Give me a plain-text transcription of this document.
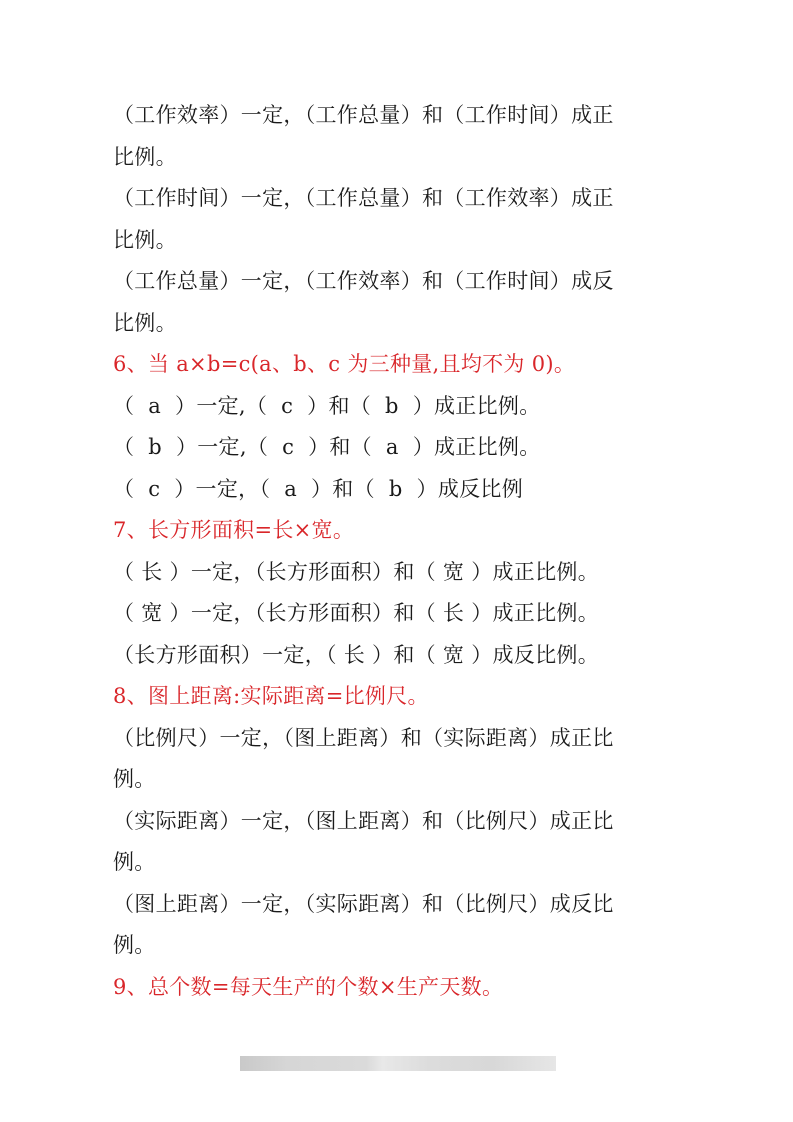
（工作效率）一定，（工作总量）和（工作时间）成正
比例。
（工作时间）一定，（工作总量）和（工作效率）成正
比例。
（工作总量）一定，（工作效率）和（工作时间）成反
比例。
6、当 a×b=c(a、b、c 为三种量,且均不为 0)。
（  a  ）一定,（  c  ）和（  b  ）成正比例。
（  b  ）一定,（  c  ）和（  a  ）成正比例。
（  c  ）一定，（  a  ）和（  b  ）成反比例
7、长方形面积=长×宽。
（ 长 ）一定，（长方形面积）和（ 宽 ）成正比例。
（ 宽 ）一定，（长方形面积）和（ 长 ）成正比例。
（长方形面积）一定，（ 长 ）和（ 宽 ）成反比例。
8、图上距离:实际距离=比例尺。
（比例尺）一定，（图上距离）和（实际距离）成正比
例。
（实际距离）一定，（图上距离）和（比例尺）成正比
例。
（图上距离）一定，（实际距离）和（比例尺）成反比
例。
9、总个数=每天生产的个数×生产天数。
